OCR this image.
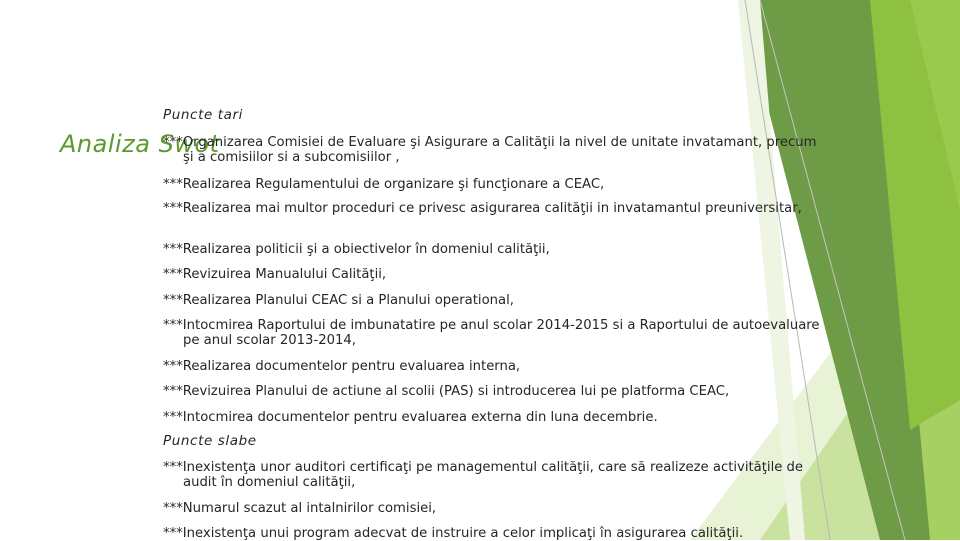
Analiza Swot
Puncte tari
***Organizarea Comisiei de Evaluare şi Asigurare a Calităţii la nivel de unitate invatamant, precum şi a comisiilor si a subcomisiilor ,
***Realizarea Regulamentului de organizare şi funcţionare a CEAC,
***Realizarea mai multor proceduri ce privesc asigurarea calităţii in invatamantul preuniversitar,
***Realizarea politicii şi a obiectivelor în domeniul calităţii,
***Revizuirea Manualului Calităţii,
***Realizarea Planului CEAC si a Planului operational,
***Intocmirea Raportului de imbunatatire pe anul scolar 2014-2015 si a Raportului de autoevaluare pe anul scolar 2013-2014,
***Realizarea documentelor pentru evaluarea interna,
***Revizuirea Planului de actiune al scolii (PAS) si introducerea lui pe platforma CEAC,
***Intocmirea documentelor pentru evaluarea externa din luna decembrie.
Puncte slabe
***Inexistenţa unor auditori certificaţi pe managementul calităţii, care să realizeze activităţile de audit în domeniul calităţii,
***Numarul scazut al intalnirilor comisiei,
***Inexistenţa unui program adecvat de instruire a celor implicaţi în asigurarea calităţii.
